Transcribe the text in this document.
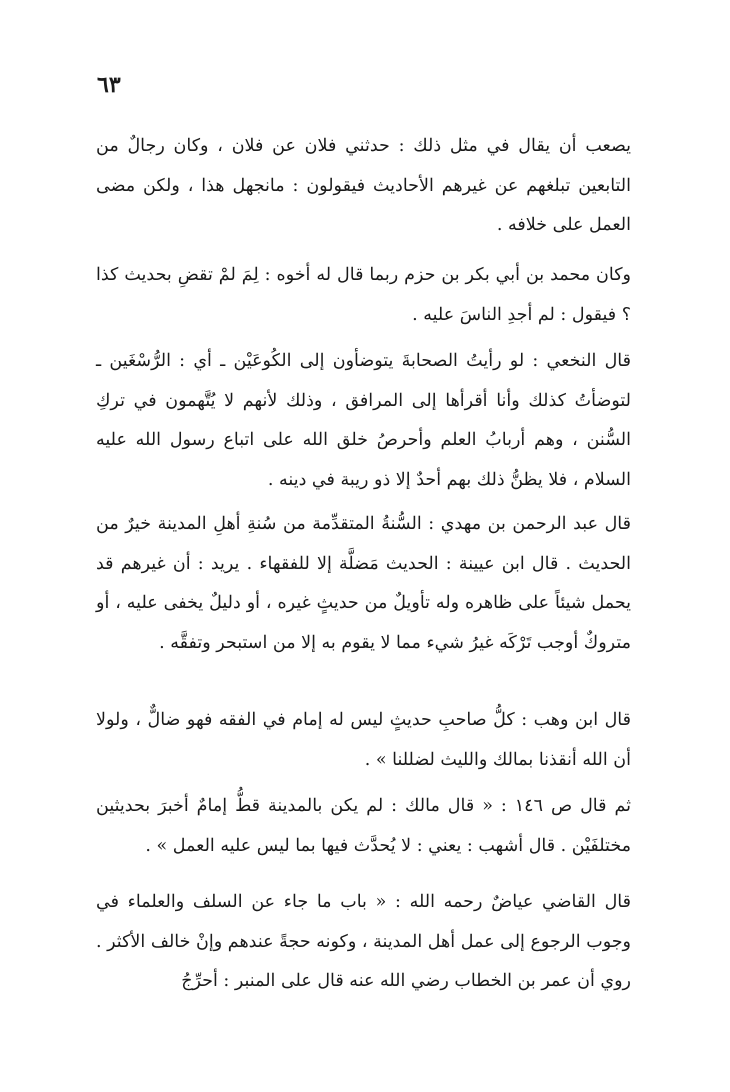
٦٣

يصعب أن يقال في مثل ذلك : حدثني فلان عن فلان ، وكان رجالٌ من التابعين تبلغهم عن غيرهم الأحاديث فيقولون : مانجهل هذا ، ولكن مضى العمل على خلافه .

وكان محمد بن أبي بكر بن حزم ربما قال له أخوه : لِمَ لمْ تقضِ بحديث كذا ؟ فيقول : لم أجدِ الناسَ عليه .

قال النخعي : لو رأيتُ الصحابةَ يتوضأون إلى الكُوعَيْن ـ أي : الرُّسْغَين ـ لتوضأتُ كذلك وأنا أقرأها إلى المرافق ، وذلك لأنهم لا يُتَّهمون في تركِ السُّنن ، وهم أربابُ العلم وأحرصُ خلق الله على اتباع رسول الله عليه السلام ، فلا يظنُّ ذلك بهم أحدٌ إلا ذو ريبة في دينه .

قال عبد الرحمن بن مهدي : السُّنةُ المتقدِّمة من سُنةِ أهلِ المدينة خيرٌ من الحديث . قال ابن عيينة : الحديث مَضلَّة إلا للفقهاء . يريد : أن غيرهم قد يحمل شيئاً على ظاهره وله تأويلٌ من حديثٍ غيره ، أو دليلٌ يخفى عليه ، أو متروكٌ أوجب تَرْكَه غيرُ شيء مما لا يقوم به إلا من استبحر وتفقَّه .

قال ابن وهب : كلُّ صاحبِ حديثٍ ليس له إمام في الفقه فهو ضالٌّ ، ولولا أن الله أنقذنا بمالك والليث لضللنا » .

ثم قال ص ١٤٦ : « قال مالك : لم يكن بالمدينة قطُّ إمامٌ أخبرَ بحديثين مختلفَيْن . قال أشهب : يعني : لا يُحدَّث فيها بما ليس عليه العمل » .

قال القاضي عياضٌ رحمه الله : « باب ما جاء عن السلف والعلماء في وجوب الرجوع إلى عمل أهل المدينة ، وكونه حجةً عندهم وإنْ خالف الأكثر . روي أن عمر بن الخطاب رضي الله عنه قال على المنبر : أحرِّجُ
